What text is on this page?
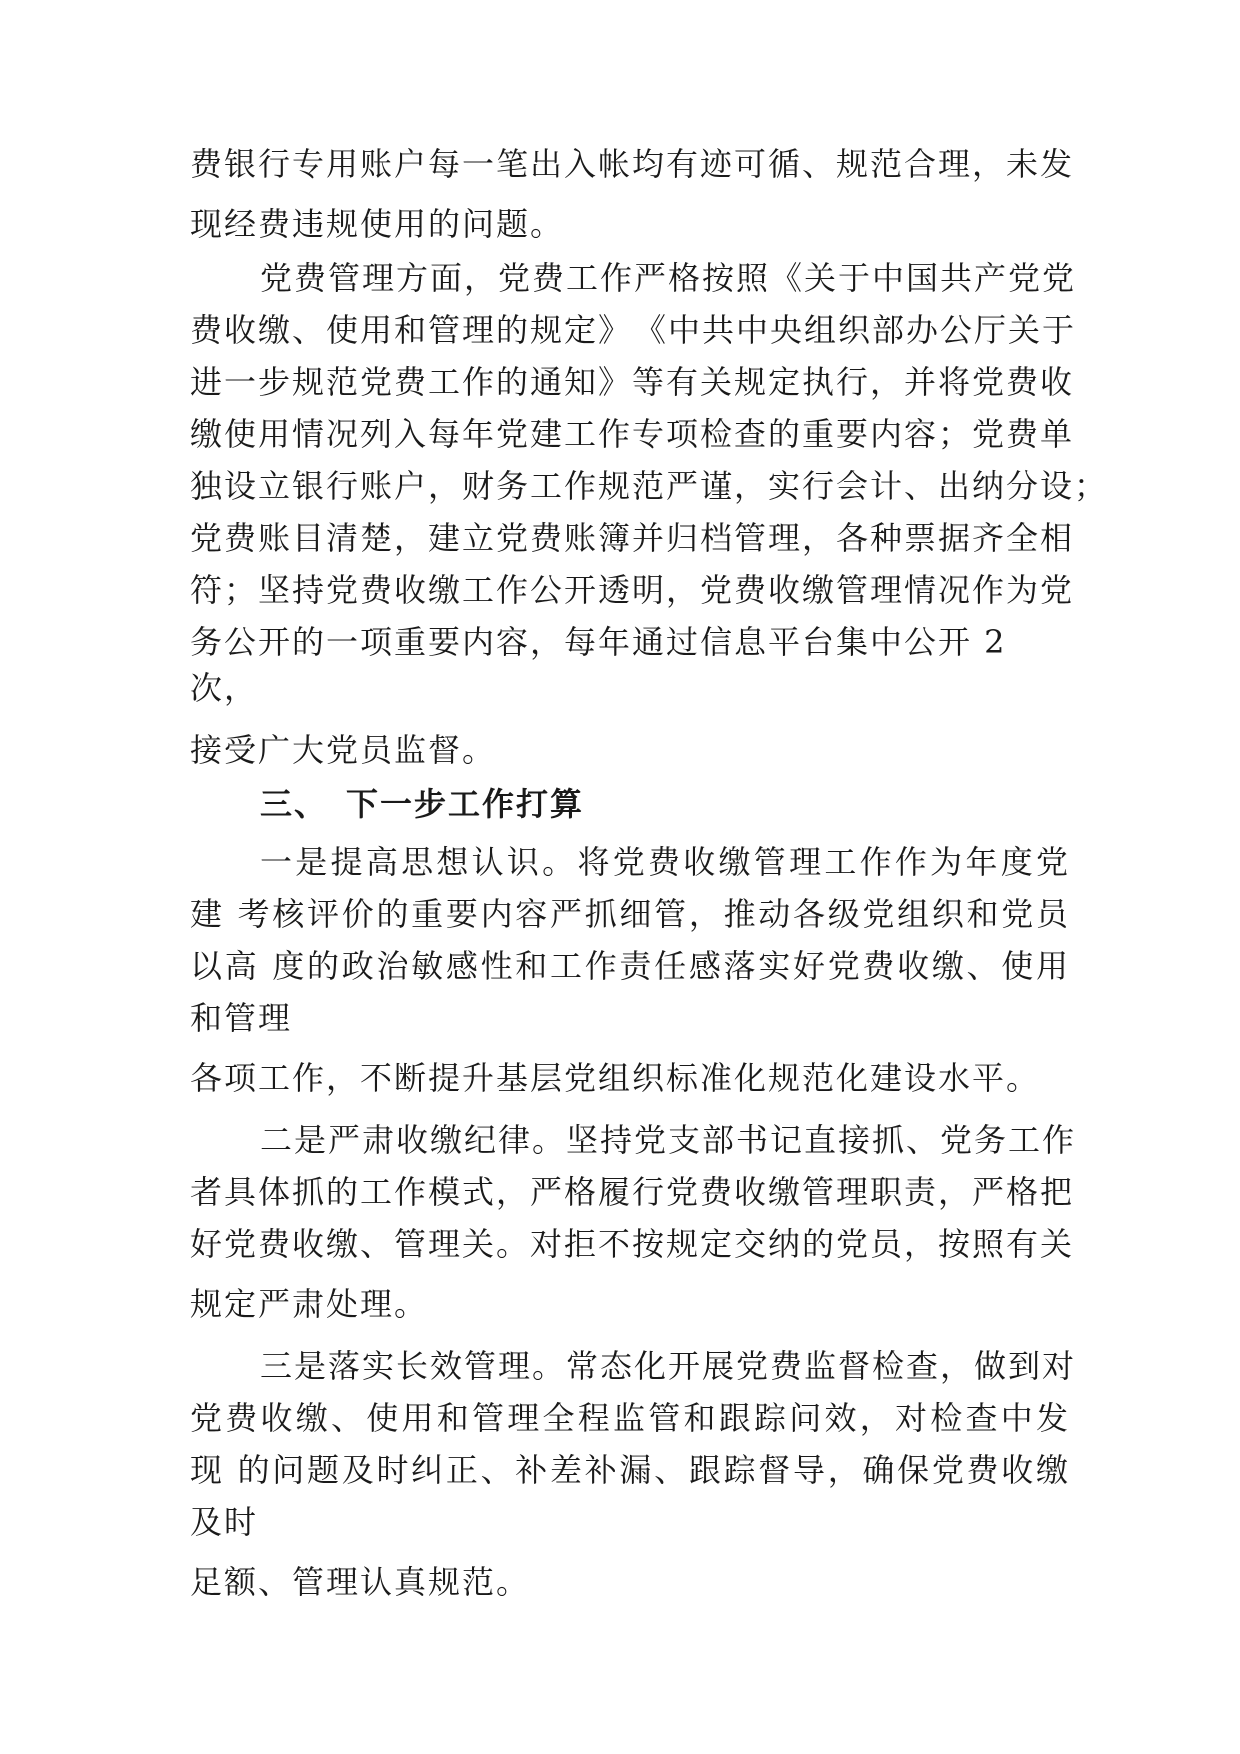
费银行专用账户每一笔出入帐均有迹可循、规范合理，未发
现经费违规使用的问题。
党费管理方面，党费工作严格按照《关于中国共产党党
费收缴、使用和管理的规定》　《中共中央组织部办公厅关于
进一步规范党费工作的通知》等有关规定执行，并将党费收
缴使用情况列入每年党建工作专项检查的重要内容；党费单
独设立银行账户，财务工作规范严谨，实行会计、出纳分设；
党费账目清楚，建立党费账簿并归档管理，各种票据齐全相
符；坚持党费收缴工作公开透明，党费收缴管理情况作为党
务公开的一项重要内容，每年通过信息平台集中公开 2
次，
接受广大党员监督。
三、　下一步工作打算
一是提高思想认识。将党费收缴管理工作作为年度党
建 考核评价的重要内容严抓细管，推动各级党组织和党员
以高 度的政治敏感性和工作责任感落实好党费收缴、使用
和管理
各项工作，不断提升基层党组织标准化规范化建设水平。
二是严肃收缴纪律。坚持党支部书记直接抓、党务工作
者具体抓的工作模式，严格履行党费收缴管理职责，严格把
好党费收缴、管理关。对拒不按规定交纳的党员，按照有关
规定严肃处理。
三是落实长效管理。常态化开展党费监督检查，做到对
党费收缴、使用和管理全程监管和跟踪问效，对检查中发
现 的问题及时纠正、补差补漏、跟踪督导，确保党费收缴
及时
足额、管理认真规范。
